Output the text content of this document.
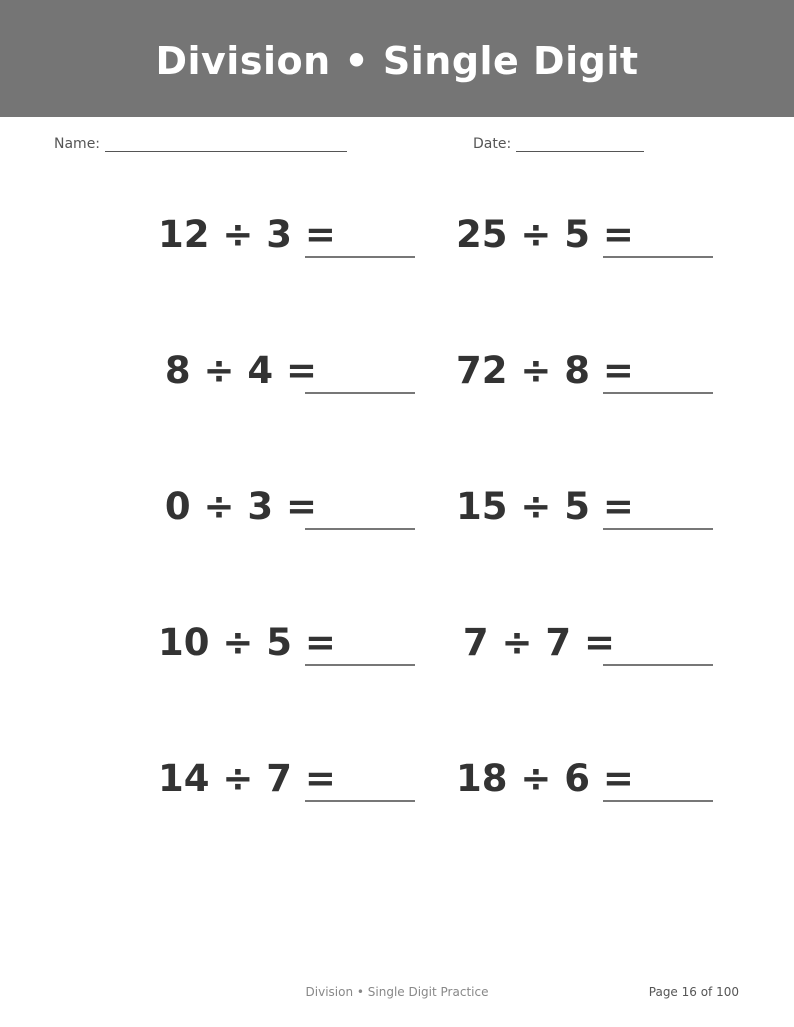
Division • Single Digit
Name:	Date:
12 ÷ 3 =	25 ÷ 5 =
8 ÷ 4 =	72 ÷ 8 =
0 ÷ 3 =	15 ÷ 5 =
10 ÷ 5 =	7 ÷ 7 =
14 ÷ 7 =	18 ÷ 6 =
Division • Single Digit Practice	Page 16 of 100
